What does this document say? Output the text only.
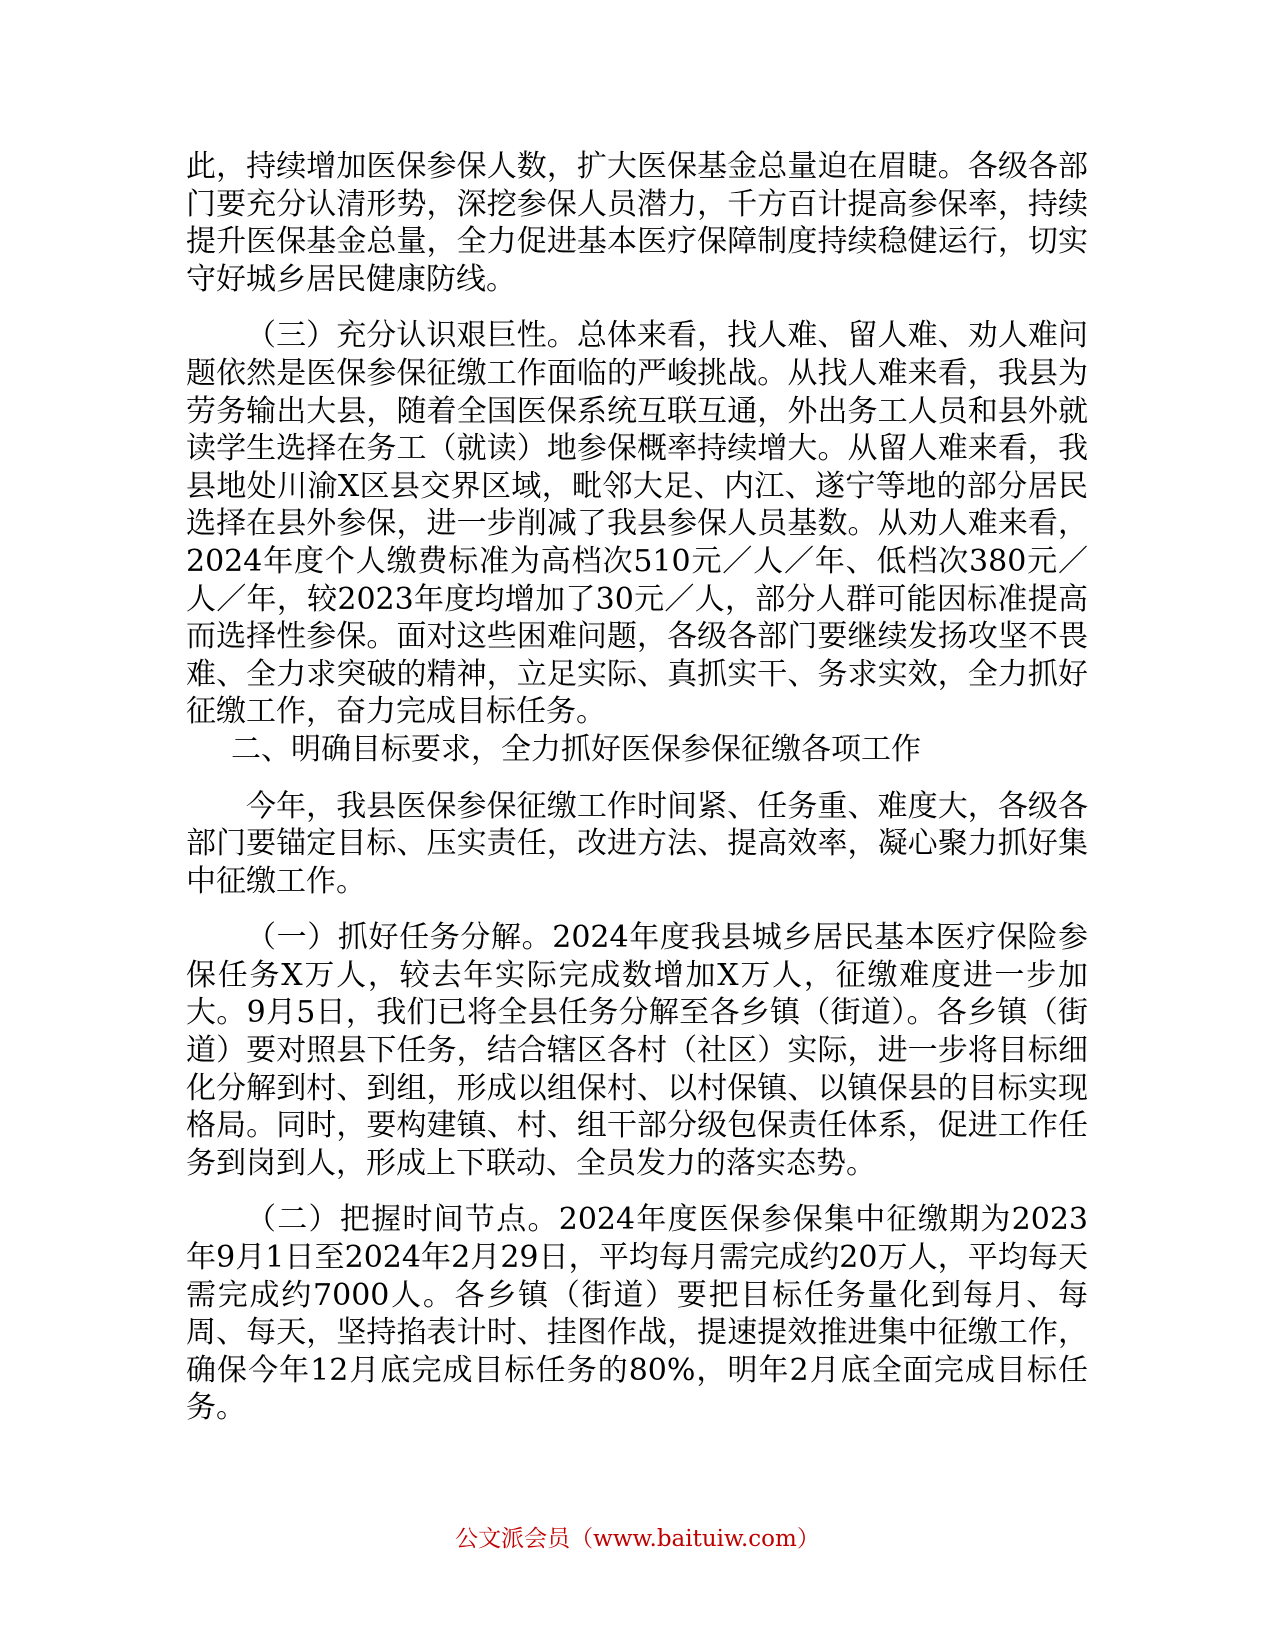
此，持续增加医保参保人数，扩大医保基金总量迫在眉睫。各级各部门要充分认清形势，深挖参保人员潜力，千方百计提高参保率，持续提升医保基金总量，全力促进基本医疗保障制度持续稳健运行，切实守好城乡居民健康防线。

（三）充分认识艰巨性。总体来看，找人难、留人难、劝人难问题依然是医保参保征缴工作面临的严峻挑战。从找人难来看，我县为劳务输出大县，随着全国医保系统互联互通，外出务工人员和县外就读学生选择在务工（就读）地参保概率持续增大。从留人难来看，我县地处川渝X区县交界区域，毗邻大足、内江、遂宁等地的部分居民选择在县外参保，进一步削减了我县参保人员基数。从劝人难来看，2024年度个人缴费标准为高档次510元／人／年、低档次380元／人／年，较2023年度均增加了30元／人，部分人群可能因标准提高而选择性参保。面对这些困难问题，各级各部门要继续发扬攻坚不畏难、全力求突破的精神，立足实际、真抓实干、务求实效，全力抓好征缴工作，奋力完成目标任务。

二、明确目标要求，全力抓好医保参保征缴各项工作

今年，我县医保参保征缴工作时间紧、任务重、难度大，各级各部门要锚定目标、压实责任，改进方法、提高效率，凝心聚力抓好集中征缴工作。

（一）抓好任务分解。2024年度我县城乡居民基本医疗保险参保任务X万人，较去年实际完成数增加X万人，征缴难度进一步加大。9月5日，我们已将全县任务分解至各乡镇（街道）。各乡镇（街道）要对照县下任务，结合辖区各村（社区）实际，进一步将目标细化分解到村、到组，形成以组保村、以村保镇、以镇保县的目标实现格局。同时，要构建镇、村、组干部分级包保责任体系，促进工作任务到岗到人，形成上下联动、全员发力的落实态势。

（二）把握时间节点。2024年度医保参保集中征缴期为2023年9月1日至2024年2月29日，平均每月需完成约20万人，平均每天需完成约7000人。各乡镇（街道）要把目标任务量化到每月、每周、每天，坚持掐表计时、挂图作战，提速提效推进集中征缴工作，确保今年12月底完成目标任务的80%，明年2月底全面完成目标任务。

公文派会员（www.baituiw.com）
